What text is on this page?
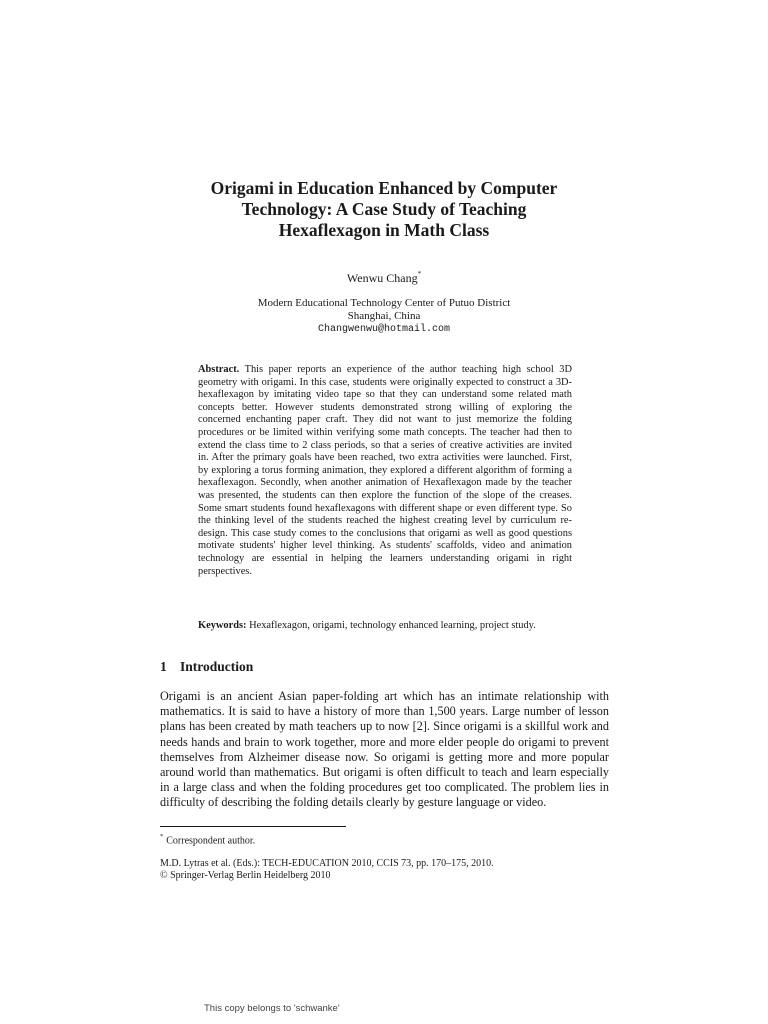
Origami in Education Enhanced by Computer
Technology: A Case Study of Teaching
Hexaflexagon in Math Class
Wenwu Chang*
Modern Educational Technology Center of Putuo District
Shanghai, China
Changwenwu@hotmail.com
Abstract. This paper reports an experience of the author teaching high school 3D geometry with origami. In this case, students were originally expected to construct a 3D-hexaflexagon by imitating video tape so that they can understand some related math concepts better. However students demonstrated strong willing of exploring the concerned enchanting paper craft. They did not want to just memorize the folding procedures or be limited within verifying some math concepts. The teacher had then to extend the class time to 2 class periods, so that a series of creative activities are invited in. After the primary goals have been reached, two extra activities were launched. First, by exploring a torus forming animation, they explored a different algorithm of forming a hexaflexagon. Secondly, when another animation of Hexaflexagon made by the teacher was presented, the students can then explore the function of the slope of the creases. Some smart students found hexaflexagons with different shape or even different type. So the thinking level of the students reached the highest creating level by curriculum re-design. This case study comes to the conclusions that origami as well as good questions motivate students' higher level thinking. As students' scaffolds, video and animation technology are essential in helping the learners understanding origami in right perspectives.
Keywords: Hexaflexagon, origami, technology enhanced learning, project study.
1 Introduction
Origami is an ancient Asian paper-folding art which has an intimate relationship with mathematics. It is said to have a history of more than 1,500 years. Large number of lesson plans has been created by math teachers up to now [2]. Since origami is a skillful work and needs hands and brain to work together, more and more elder people do origami to prevent themselves from Alzheimer disease now. So origami is getting more and more popular around world than mathematics. But origami is often difficult to teach and learn especially in a large class and when the folding procedures get too complicated. The problem lies in difficulty of describing the folding details clearly by gesture language or video.
* Correspondent author.
M.D. Lytras et al. (Eds.): TECH-EDUCATION 2010, CCIS 73, pp. 170–175, 2010.
© Springer-Verlag Berlin Heidelberg 2010
This copy belongs to 'schwanke'
